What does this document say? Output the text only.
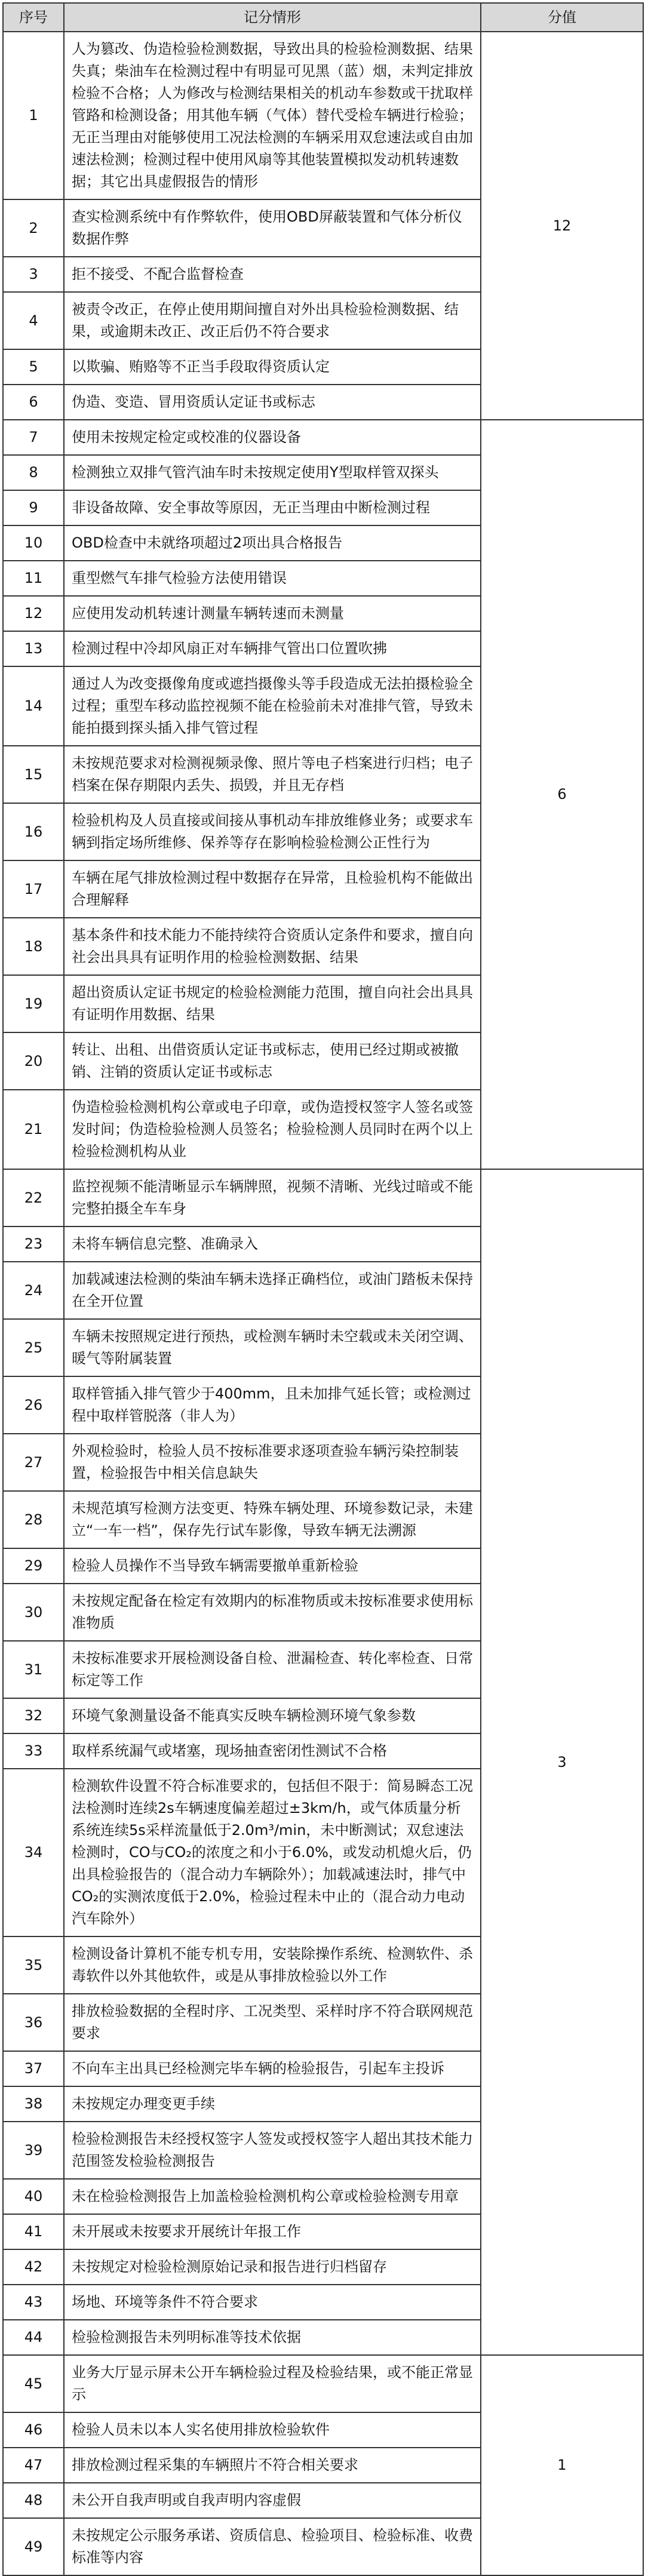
序号	记分情形	分值
1	人为篡改、伪造检验检测数据，导致出具的检验检测数据、结果失真；柴油车在检测过程中有明显可见黑（蓝）烟，未判定排放检验不合格；人为修改与检测结果相关的机动车参数或干扰取样管路和检测设备；用其他车辆（气体）替代受检车辆进行检验；无正当理由对能够使用工况法检测的车辆采用双怠速法或自由加速法检测；检测过程中使用风扇等其他装置模拟发动机转速数据；其它出具虚假报告的情形	12
2	查实检测系统中有作弊软件，使用OBD屏蔽装置和气体分析仪数据作弊	
3	拒不接受、不配合监督检查	
4	被责令改正，在停止使用期间擅自对外出具检验检测数据、结果，或逾期未改正、改正后仍不符合要求	
5	以欺骗、贿赂等不正当手段取得资质认定	
6	伪造、变造、冒用资质认定证书或标志	
7	使用未按规定检定或校准的仪器设备	6
8	检测独立双排气管汽油车时未按规定使用Y型取样管双探头	
9	非设备故障、安全事故等原因，无正当理由中断检测过程	
10	OBD检查中未就络项超过2项出具合格报告	
11	重型燃气车排气检验方法使用错误	
12	应使用发动机转速计测量车辆转速而未测量	
13	检测过程中冷却风扇正对车辆排气管出口位置吹拂	
14	通过人为改变摄像角度或遮挡摄像头等手段造成无法拍摄检验全过程；重型车移动监控视频不能在检验前未对准排气管，导致未能拍摄到探头插入排气管过程	
15	未按规范要求对检测视频录像、照片等电子档案进行归档；电子档案在保存期限内丢失、损毁，并且无存档	
16	检验机构及人员直接或间接从事机动车排放维修业务；或要求车辆到指定场所维修、保养等存在影响检验检测公正性行为	
17	车辆在尾气排放检测过程中数据存在异常，且检验机构不能做出合理解释	
18	基本条件和技术能力不能持续符合资质认定条件和要求，擅自向社会出具具有证明作用的检验检测数据、结果	
19	超出资质认定证书规定的检验检测能力范围，擅自向社会出具具有证明作用数据、结果	
20	转让、出租、出借资质认定证书或标志，使用已经过期或被撤销、注销的资质认定证书或标志	
21	伪造检验检测机构公章或电子印章，或伪造授权签字人签名或签发时间；伪造检验检测人员签名；检验检测人员同时在两个以上检验检测机构从业	
22	监控视频不能清晰显示车辆牌照，视频不清晰、光线过暗或不能完整拍摄全车车身	3
23	未将车辆信息完整、准确录入	
24	加载减速法检测的柴油车辆未选择正确档位，或油门踏板未保持在全开位置	
25	车辆未按照规定进行预热，或检测车辆时未空载或未关闭空调、暖气等附属装置	
26	取样管插入排气管少于400mm，且未加排气延长管；或检测过程中取样管脱落（非人为）	
27	外观检验时，检验人员不按标准要求逐项查验车辆污染控制装置，检验报告中相关信息缺失	
28	未规范填写检测方法变更、特殊车辆处理、环境参数记录，未建立“一车一档”，保存先行试车影像，导致车辆无法溯源	
29	检验人员操作不当导致车辆需要撤单重新检验	
30	未按规定配备在检定有效期内的标准物质或未按标准要求使用标准物质	
31	未按标准要求开展检测设备自检、泄漏检查、转化率检查、日常标定等工作	
32	环境气象测量设备不能真实反映车辆检测环境气象参数	
33	取样系统漏气或堵塞，现场抽查密闭性测试不合格	
34	检测软件设置不符合标准要求的，包括但不限于：简易瞬态工况法检测时连续2s车辆速度偏差超过±3km/h，或气体质量分析系统连续5s采样流量低于2.0m³/min，未中断测试；双怠速法检测时，CO与CO₂的浓度之和小于6.0%，或发动机熄火后，仍出具检验报告的（混合动力车辆除外）；加载减速法时，排气中CO₂的实测浓度低于2.0%，检验过程未中止的（混合动力电动汽车除外）	
35	检测设备计算机不能专机专用，安装除操作系统、检测软件、杀毒软件以外其他软件，或是从事排放检验以外工作	
36	排放检验数据的全程时序、工况类型、采样时序不符合联网规范要求	
37	不向车主出具已经检测完毕车辆的检验报告，引起车主投诉	
38	未按规定办理变更手续	
39	检验检测报告未经授权签字人签发或授权签字人超出其技术能力范围签发检验检测报告	
40	未在检验检测报告上加盖检验检测机构公章或检验检测专用章	
41	未开展或未按要求开展统计年报工作	
42	未按规定对检验检测原始记录和报告进行归档留存	
43	场地、环境等条件不符合要求	
44	检验检测报告未列明标准等技术依据	
45	业务大厅显示屏未公开车辆检验过程及检验结果，或不能正常显示	1
46	检验人员未以本人实名使用排放检验软件	
47	排放检测过程采集的车辆照片不符合相关要求	
48	未公开自我声明或自我声明内容虚假	
49	未按规定公示服务承诺、资质信息、检验项目、检验标准、收费标准等内容	
